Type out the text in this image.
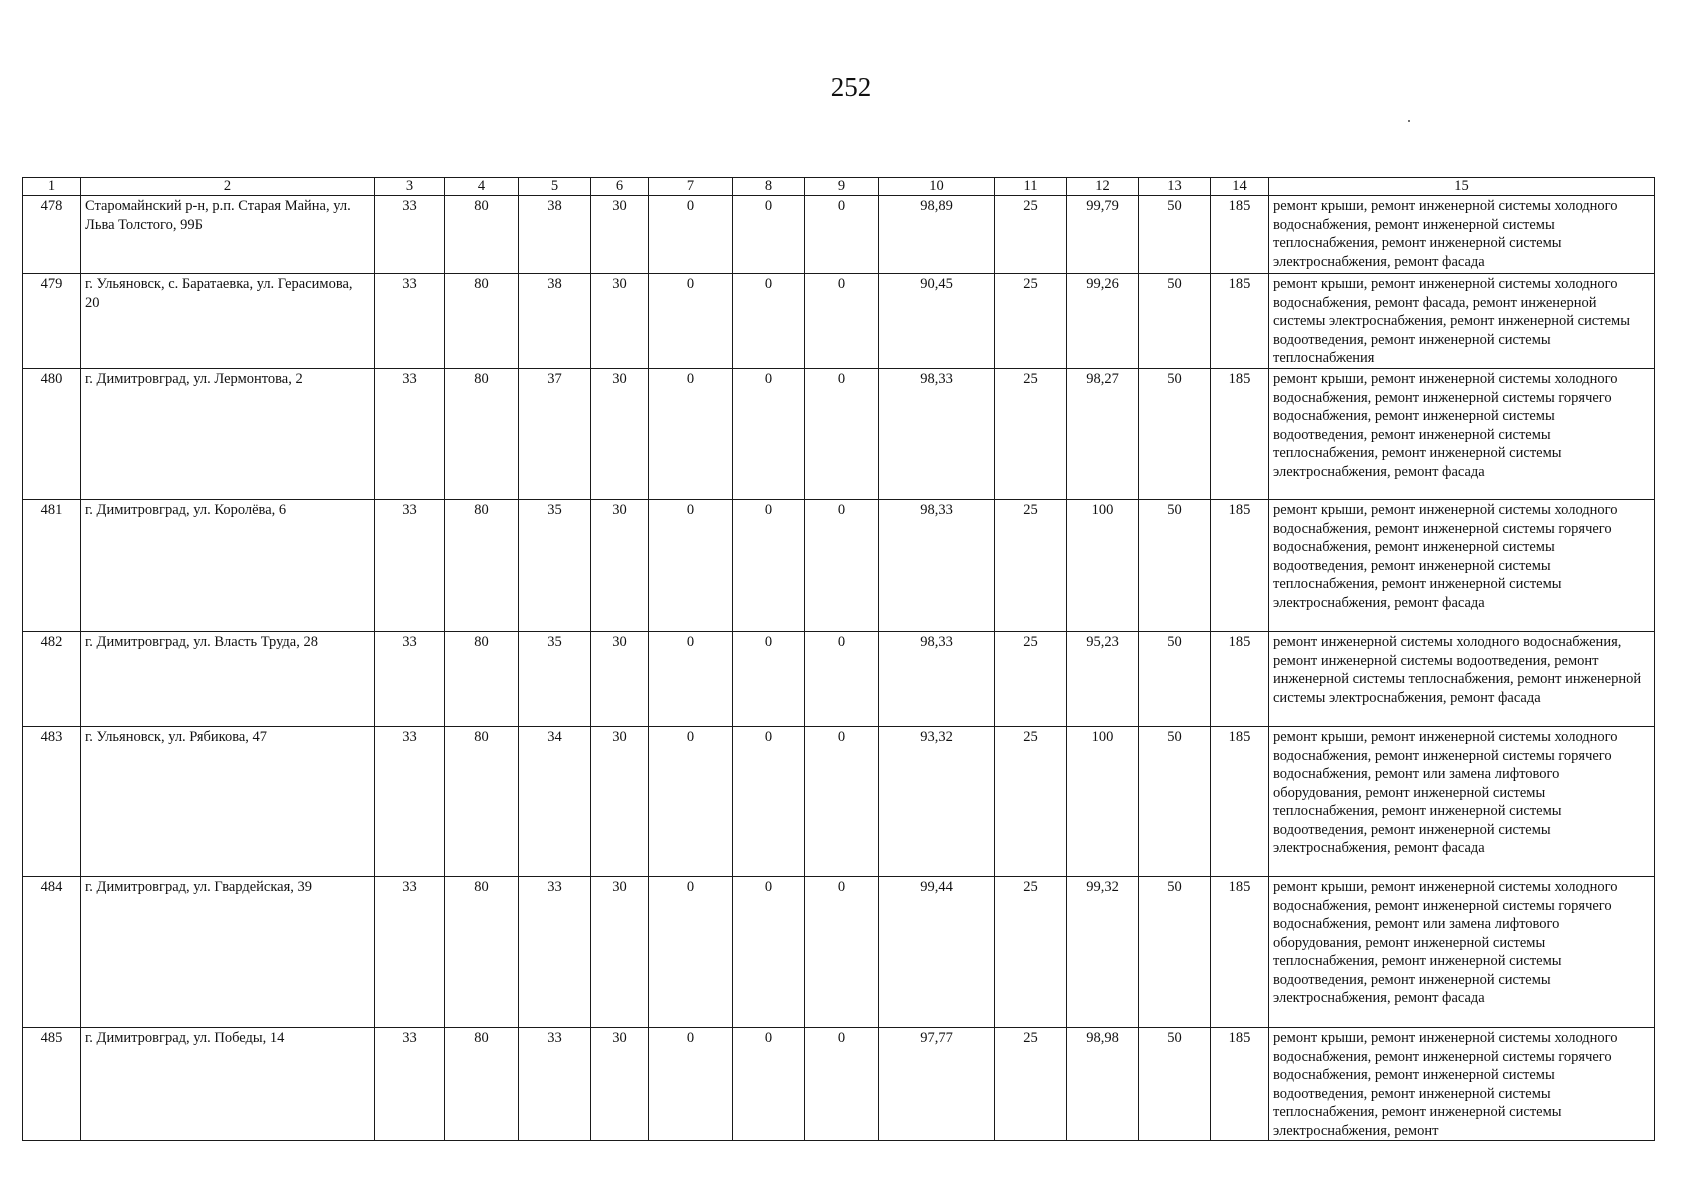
252
1	2	3	4	5	6	7	8	9	10	11	12	13	14	15
478	Старомайнский р-н, р.п. Старая Майна, ул. Льва Толстого, 99Б	33	80	38	30	0	0	0	98,89	25	99,79	50	185	ремонт крыши, ремонт инженерной системы холодного водоснабжения, ремонт инженерной системы теплоснабжения, ремонт инженерной системы электроснабжения, ремонт фасада
479	г. Ульяновск, с. Баратаевка, ул. Герасимова, 20	33	80	38	30	0	0	0	90,45	25	99,26	50	185	ремонт крыши, ремонт инженерной системы холодного водоснабжения, ремонт фасада, ремонт инженерной системы электроснабжения, ремонт инженерной системы водоотведения, ремонт инженерной системы теплоснабжения
480	г. Димитровград, ул. Лермонтова, 2	33	80	37	30	0	0	0	98,33	25	98,27	50	185	ремонт крыши, ремонт инженерной системы холодного водоснабжения, ремонт инженерной системы горячего водоснабжения, ремонт инженерной системы водоотведения, ремонт инженерной системы теплоснабжения, ремонт инженерной системы электроснабжения, ремонт фасада
481	г. Димитровград, ул. Королёва, 6	33	80	35	30	0	0	0	98,33	25	100	50	185	ремонт крыши, ремонт инженерной системы холодного водоснабжения, ремонт инженерной системы горячего водоснабжения, ремонт инженерной системы водоотведения, ремонт инженерной системы теплоснабжения, ремонт инженерной системы электроснабжения, ремонт фасада
482	г. Димитровград, ул. Власть Труда, 28	33	80	35	30	0	0	0	98,33	25	95,23	50	185	ремонт инженерной системы холодного водоснабжения, ремонт инженерной системы водоотведения, ремонт инженерной системы теплоснабжения, ремонт инженерной системы электроснабжения, ремонт фасада
483	г. Ульяновск, ул. Рябикова, 47	33	80	34	30	0	0	0	93,32	25	100	50	185	ремонт крыши, ремонт инженерной системы холодного водоснабжения, ремонт инженерной системы горячего водоснабжения, ремонт или замена лифтового оборудования, ремонт инженерной системы теплоснабжения, ремонт инженерной системы водоотведения, ремонт инженерной системы электроснабжения, ремонт фасада
484	г. Димитровград, ул. Гвардейская, 39	33	80	33	30	0	0	0	99,44	25	99,32	50	185	ремонт крыши, ремонт инженерной системы холодного водоснабжения, ремонт инженерной системы горячего водоснабжения, ремонт или замена лифтового оборудования, ремонт инженерной системы теплоснабжения, ремонт инженерной системы водоотведения, ремонт инженерной системы электроснабжения, ремонт фасада
485	г. Димитровград, ул. Победы, 14	33	80	33	30	0	0	0	97,77	25	98,98	50	185	ремонт крыши, ремонт инженерной системы холодного водоснабжения, ремонт инженерной системы горячего водоснабжения, ремонт инженерной системы водоотведения, ремонт инженерной системы теплоснабжения, ремонт инженерной системы электроснабжения, ремонт
